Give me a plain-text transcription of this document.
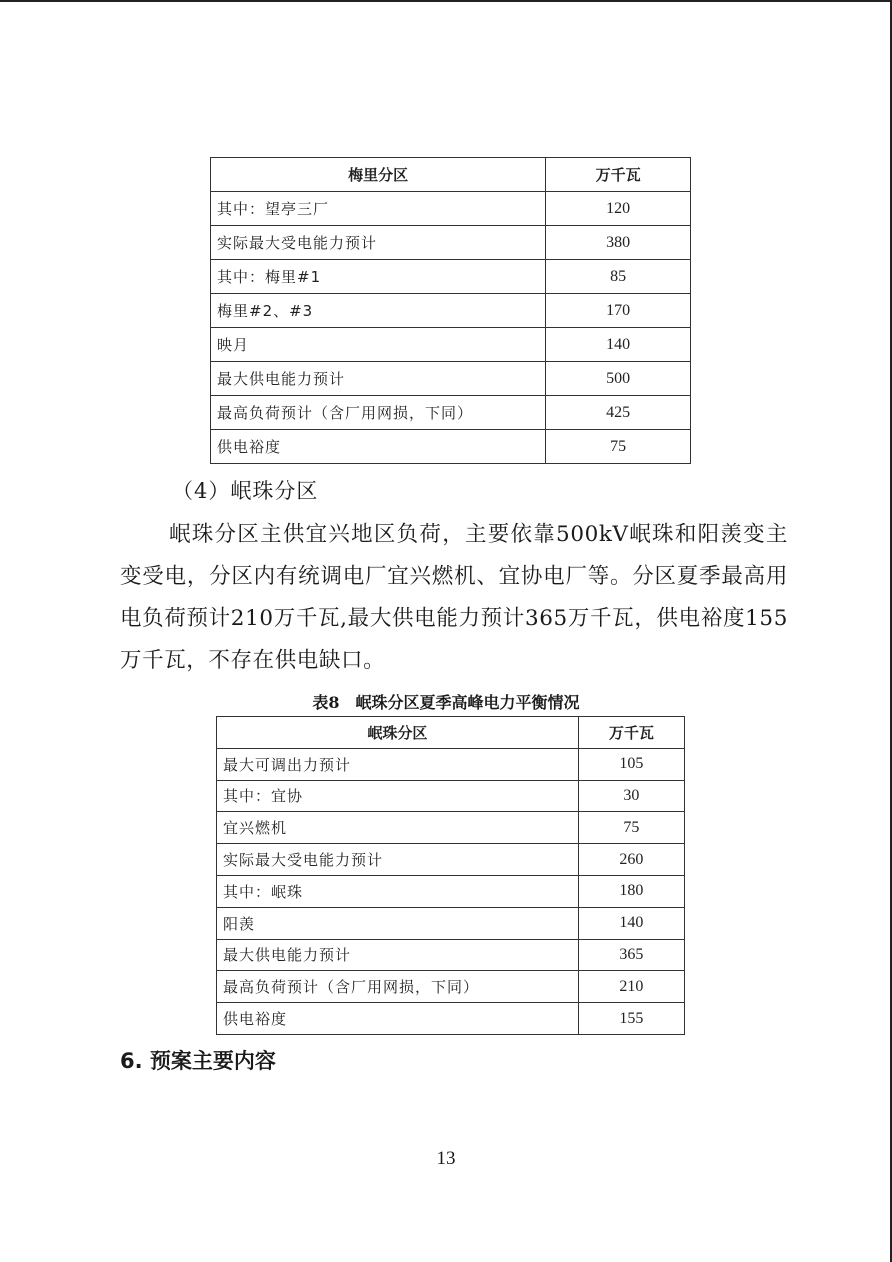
梅里分区	万千瓦
其中：望亭三厂	120
实际最大受电能力预计	380
其中：梅里#1	85
梅里#2、#3	170
映月	140
最大供电能力预计	500
最高负荷预计（含厂用网损，下同）	425
供电裕度	75
（4）岷珠分区

岷珠分区主供宜兴地区负荷，主要依靠500kV岷珠和阳羡变主变受电，分区内有统调电厂宜兴燃机、宜协电厂等。分区夏季最高用电负荷预计210万千瓦,最大供电能力预计365万千瓦，供电裕度155万千瓦，不存在供电缺口。

表8　岷珠分区夏季高峰电力平衡情况
岷珠分区	万千瓦
最大可调出力预计	105
其中：宜协	30
宜兴燃机	75
实际最大受电能力预计	260
其中：岷珠	180
阳羡	140
最大供电能力预计	365
最高负荷预计（含厂用网损，下同）	210
供电裕度	155
6. 预案主要内容
13
